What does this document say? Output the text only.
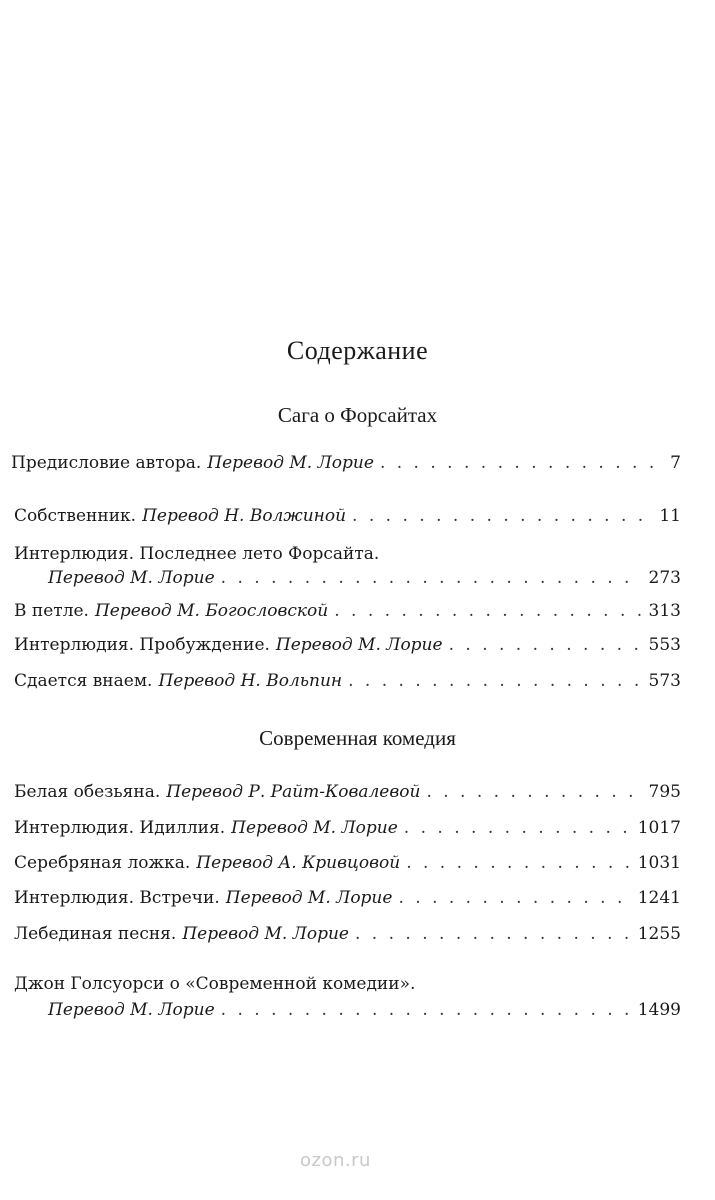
Содержание
Сага о Форсайтах
Предисловие автора. Перевод М. Лорие . . .	7
Собственник. Перевод Н. Волжиной . . .	11
Интерлюдия. Последнее лето Форсайта.
Перевод М. Лорие . . .	273
В петле. Перевод М. Богословской . . .	313
Интерлюдия. Пробуждение. Перевод М. Лорие . . .	553
Сдается внаем. Перевод Н. Вольпин . . .	573
Современная комедия
Белая обезьяна. Перевод Р. Райт-Ковалевой . . .	795
Интерлюдия. Идиллия. Перевод М. Лорие . . .	1017
Серебряная ложка. Перевод А. Кривцовой . . .	1031
Интерлюдия. Встречи. Перевод М. Лорие . . .	1241
Лебединая песня. Перевод М. Лорие . . .	1255
Джон Голсуорси о «Современной комедии».
Перевод М. Лорие . . .	1499
ozon.ru
